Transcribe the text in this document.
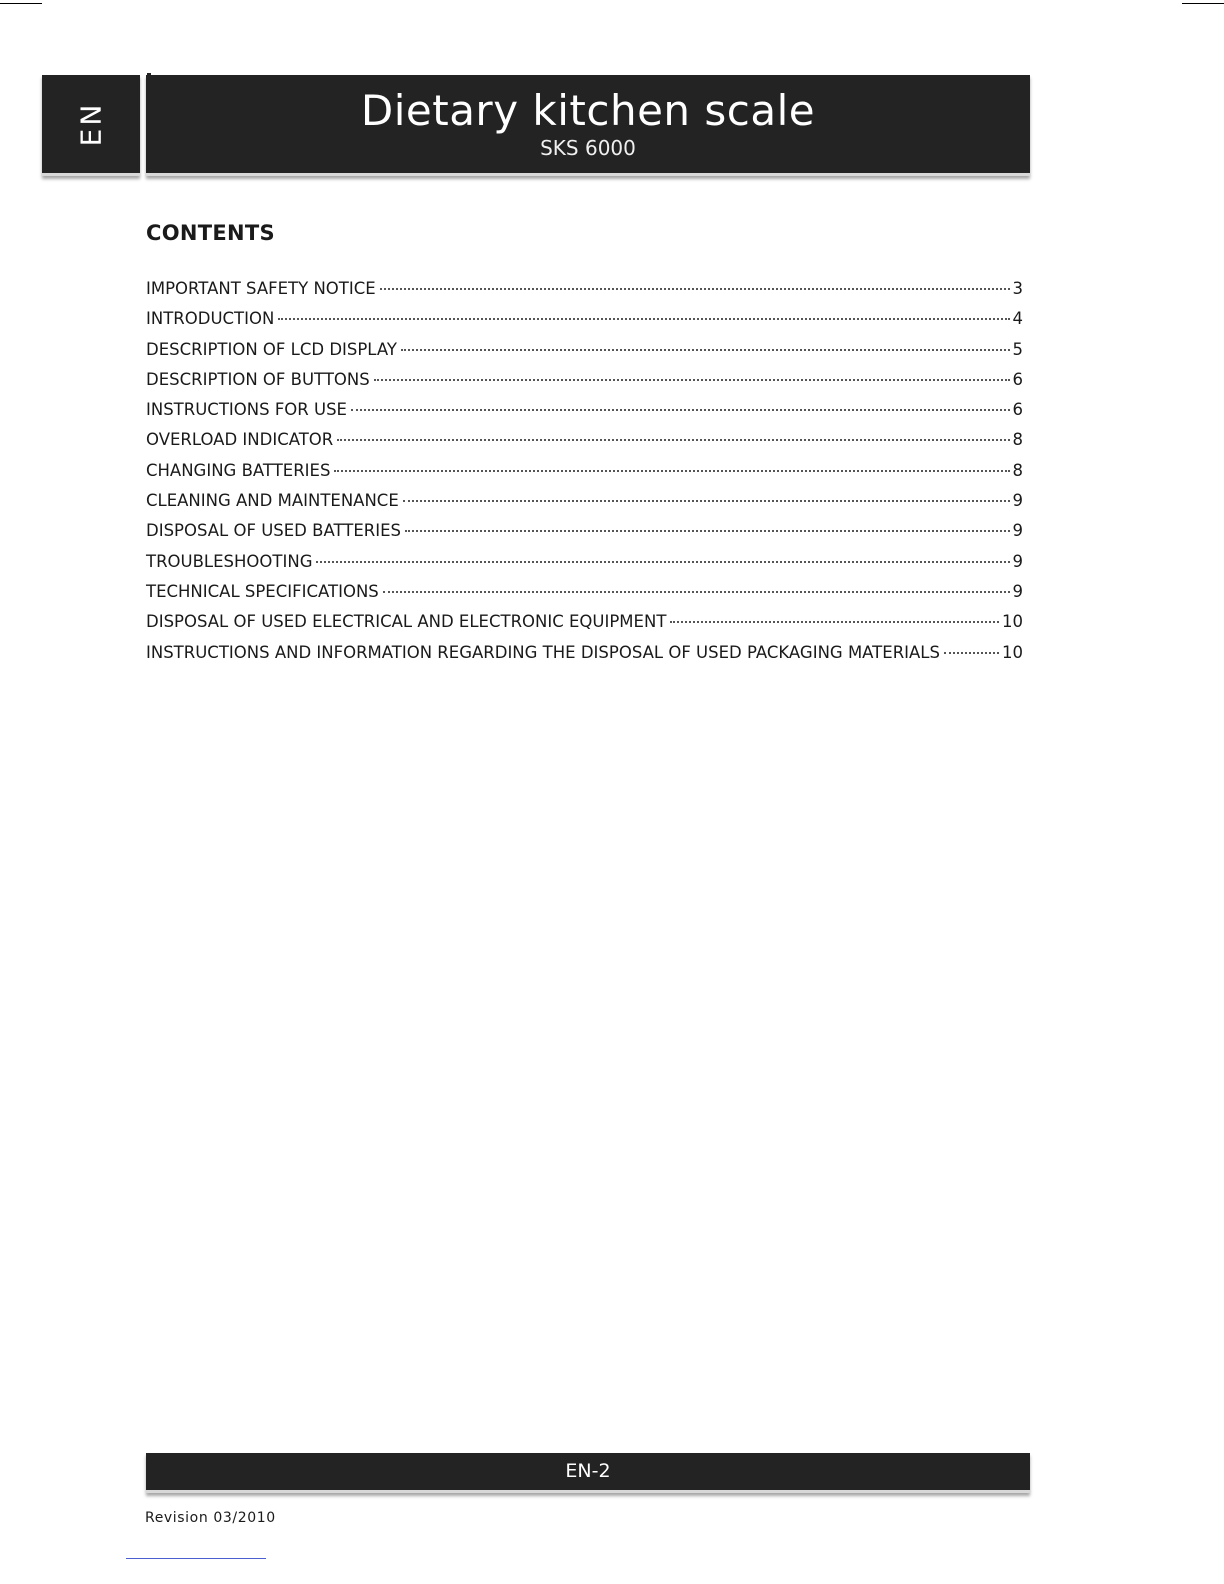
EN	Dietary kitchen scale
SKS 6000
CONTENTS
IMPORTANT SAFETY NOTICE	3
INTRODUCTION	4
DESCRIPTION OF LCD DISPLAY	5
DESCRIPTION OF BUTTONS	6
INSTRUCTIONS FOR USE	6
OVERLOAD INDICATOR	8
CHANGING BATTERIES	8
CLEANING AND MAINTENANCE	9
DISPOSAL OF USED BATTERIES	9
TROUBLESHOOTING	9
TECHNICAL SPECIFICATIONS	9
DISPOSAL OF USED ELECTRICAL AND ELECTRONIC EQUIPMENT	10
INSTRUCTIONS AND INFORMATION REGARDING THE DISPOSAL OF USED PACKAGING MATERIALS	10
EN-2
Revision 03/2010
